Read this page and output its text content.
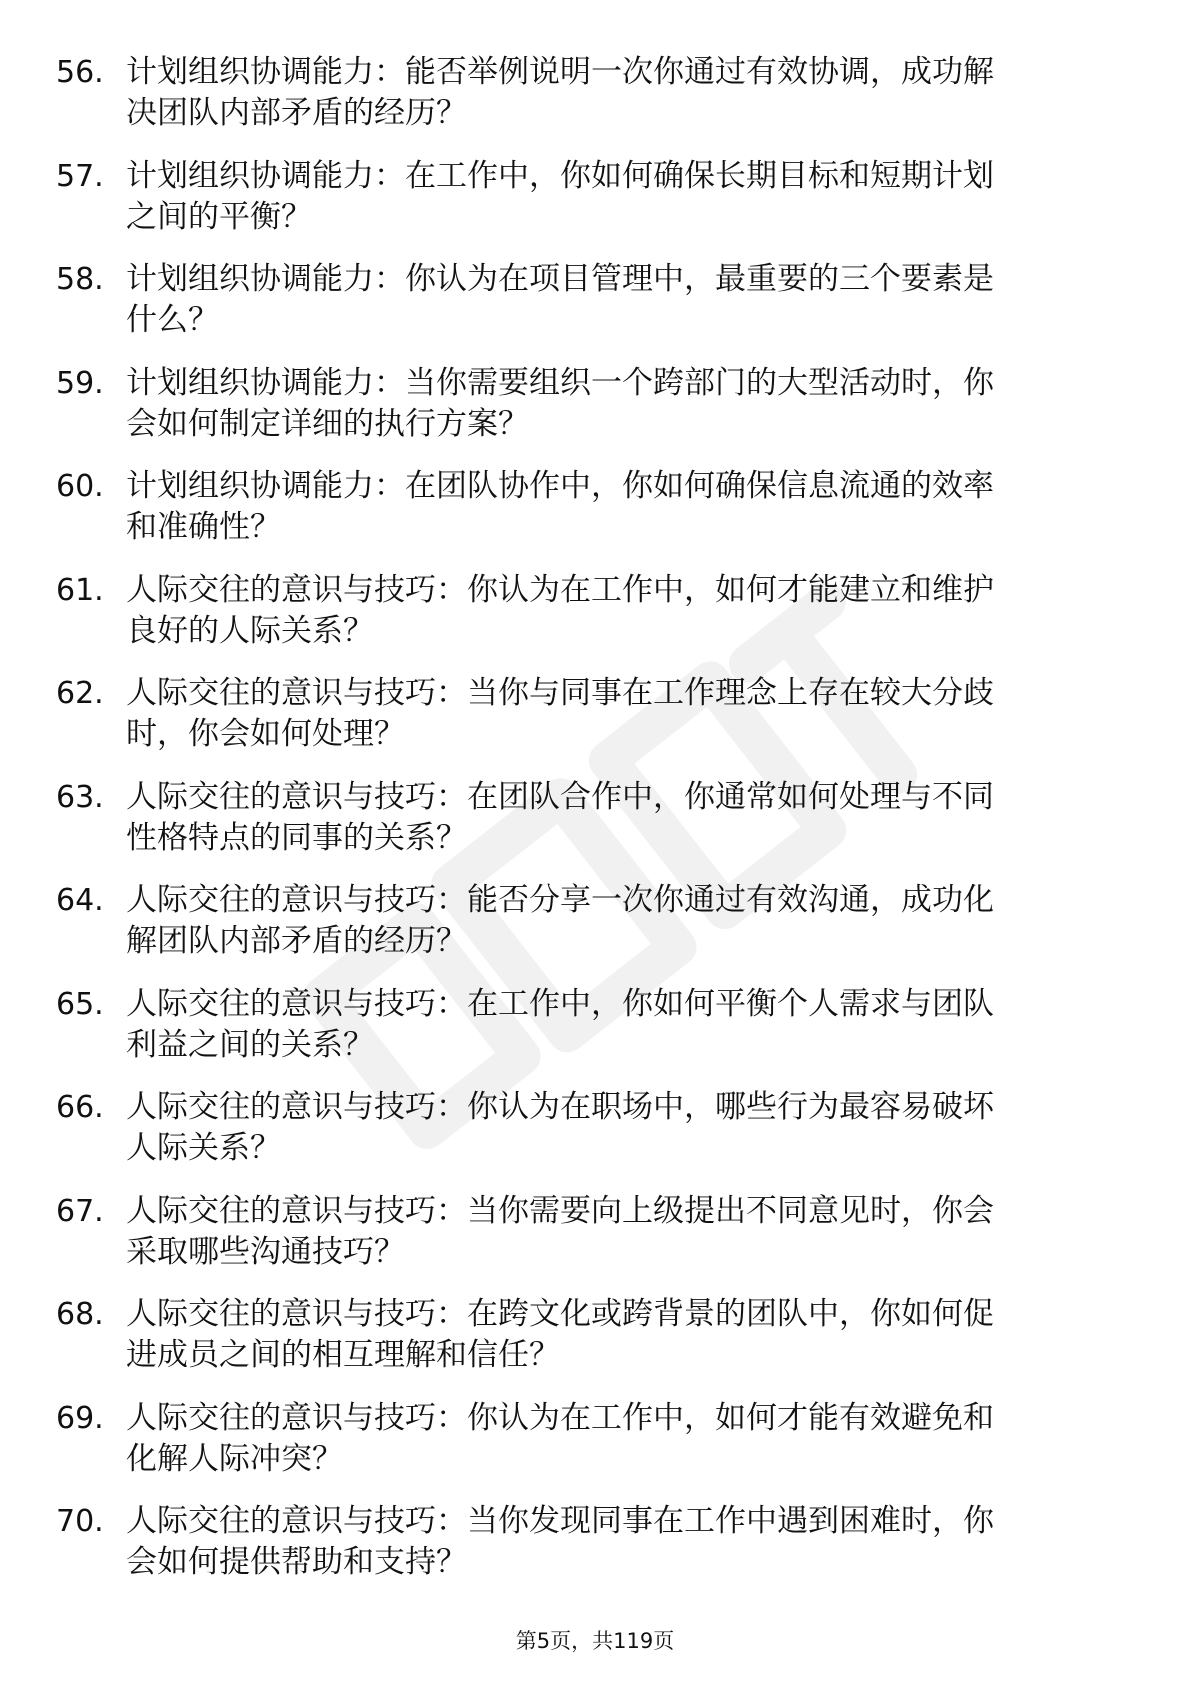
56. 计划组织协调能力：能否举例说明一次你通过有效协调，成功解
决团队内部矛盾的经历？
57. 计划组织协调能力：在工作中，你如何确保长期目标和短期计划
之间的平衡？
58. 计划组织协调能力：你认为在项目管理中，最重要的三个要素是
什么？
59. 计划组织协调能力：当你需要组织一个跨部门的大型活动时，你
会如何制定详细的执行方案？
60. 计划组织协调能力：在团队协作中，你如何确保信息流通的效率
和准确性？
61. 人际交往的意识与技巧：你认为在工作中，如何才能建立和维护
良好的人际关系？
62. 人际交往的意识与技巧：当你与同事在工作理念上存在较大分歧
时，你会如何处理？
63. 人际交往的意识与技巧：在团队合作中，你通常如何处理与不同
性格特点的同事的关系？
64. 人际交往的意识与技巧：能否分享一次你通过有效沟通，成功化
解团队内部矛盾的经历？
65. 人际交往的意识与技巧：在工作中，你如何平衡个人需求与团队
利益之间的关系？
66. 人际交往的意识与技巧：你认为在职场中，哪些行为最容易破坏
人际关系？
67. 人际交往的意识与技巧：当你需要向上级提出不同意见时，你会
采取哪些沟通技巧？
68. 人际交往的意识与技巧：在跨文化或跨背景的团队中，你如何促
进成员之间的相互理解和信任？
69. 人际交往的意识与技巧：你认为在工作中，如何才能有效避免和
化解人际冲突？
70. 人际交往的意识与技巧：当你发现同事在工作中遇到困难时，你
会如何提供帮助和支持？
第5页，共119页
